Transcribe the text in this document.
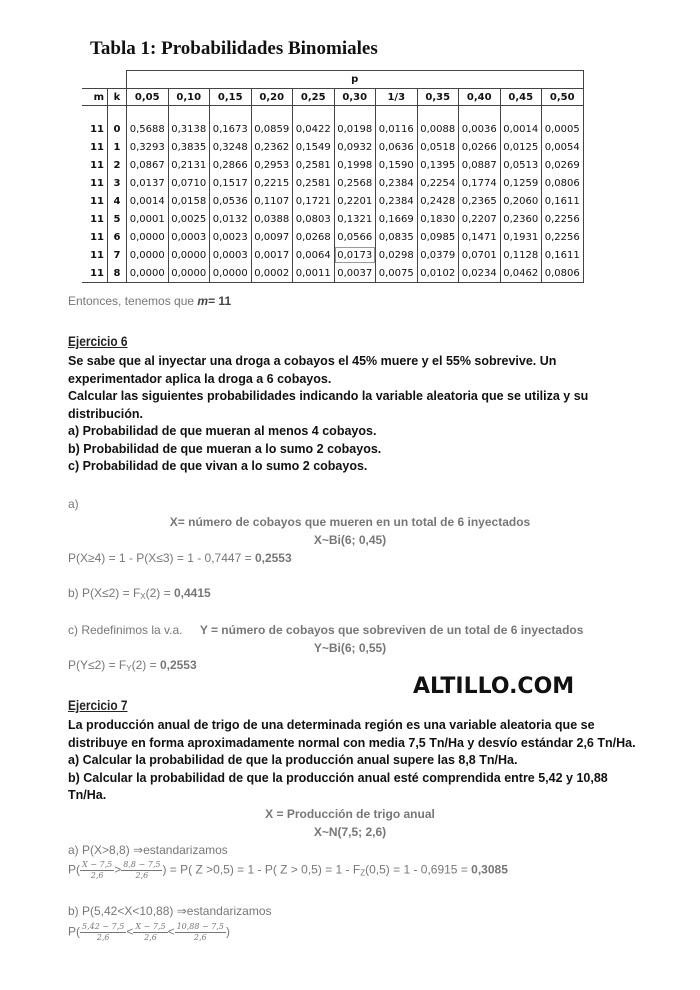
Tabla 1: Probabilidades Binomiales
		p										
m	k	0,05	0,10	0,15	0,20	0,25	0,30	1/3	0,35	0,40	0,45	0,50

11	0	0,5688	0,3138	0,1673	0,0859	0,0422	0,0198	0,0116	0,0088	0,0036	0,0014	0,0005
11	1	0,3293	0,3835	0,3248	0,2362	0,1549	0,0932	0,0636	0,0518	0,0266	0,0125	0,0054
11	2	0,0867	0,2131	0,2866	0,2953	0,2581	0,1998	0,1590	0,1395	0,0887	0,0513	0,0269
11	3	0,0137	0,0710	0,1517	0,2215	0,2581	0,2568	0,2384	0,2254	0,1774	0,1259	0,0806
11	4	0,0014	0,0158	0,0536	0,1107	0,1721	0,2201	0,2384	0,2428	0,2365	0,2060	0,1611
11	5	0,0001	0,0025	0,0132	0,0388	0,0803	0,1321	0,1669	0,1830	0,2207	0,2360	0,2256
11	6	0,0000	0,0003	0,0023	0,0097	0,0268	0,0566	0,0835	0,0985	0,1471	0,1931	0,2256
11	7	0,0000	0,0000	0,0003	0,0017	0,0064	0,0173	0,0298	0,0379	0,0701	0,1128	0,1611
11	8	0,0000	0,0000	0,0000	0,0002	0,0011	0,0037	0,0075	0,0102	0,0234	0,0462	0,0806
Entonces, tenemos que m= 11
Ejercicio 6
Se sabe que al inyectar una droga a cobayos el 45% muere y el 55% sobrevive. Un
experimentador aplica la droga a 6 cobayos.
Calcular las siguientes probabilidades indicando la variable aleatoria que se utiliza y su
distribución.
a) Probabilidad de que mueran al menos 4 cobayos.
b) Probabilidad de que mueran a lo sumo 2 cobayos.
c) Probabilidad de que vivan a lo sumo 2 cobayos.
a)
X= número de cobayos que mueren en un total de 6 inyectados
X~Bi(6; 0,45)
P(X≥4) = 1 - P(X≤3) = 1 - 0,7447 = 0,2553
b) $P(X\le 2) = F_X(2) = 0,4415$
c) Redefinimos la v.a. Y = número de cobayos que sobreviven de un total de 6 inyectados
Y~Bi(6; 0,55)
$P(Y\le 2) = F_Y(2) = 0,2553$
ALTILLO.COM
Ejercicio 7
La producción anual de trigo de una determinada región es una variable aleatoria que se
distribuye en forma aproximadamente normal con media 7,5 Tn/Ha y desvío estándar 2,6 Tn/Ha.
a) Calcular la probabilidad de que la producción anual supere las 8,8 Tn/Ha.
b) Calcular la probabilidad de que la producción anual esté comprendida entre 5,42 y 10,88
Tn/Ha.
X = Producción de trigo anual
X~N(7,5; 2,6)
a) P(X>8,8) ⇒estandarizamos
$P( \frac{X - 7,5}{2,6} > \frac{8,8 - 7,5}{2,6}$ ) = P( Z >0,5) = 1 - P( $Z > 0,5) = 1 - F_Z(0,5) = 1 - 0,6915 = 0,3085$
b) P(5,42<X<10,88) ⇒estandarizamos
$P( \frac{5,42 - 7,5}{2,6} < \frac{X - 7,5}{2,6} < \frac{10,88 - 7,5}{2,6}$ )
